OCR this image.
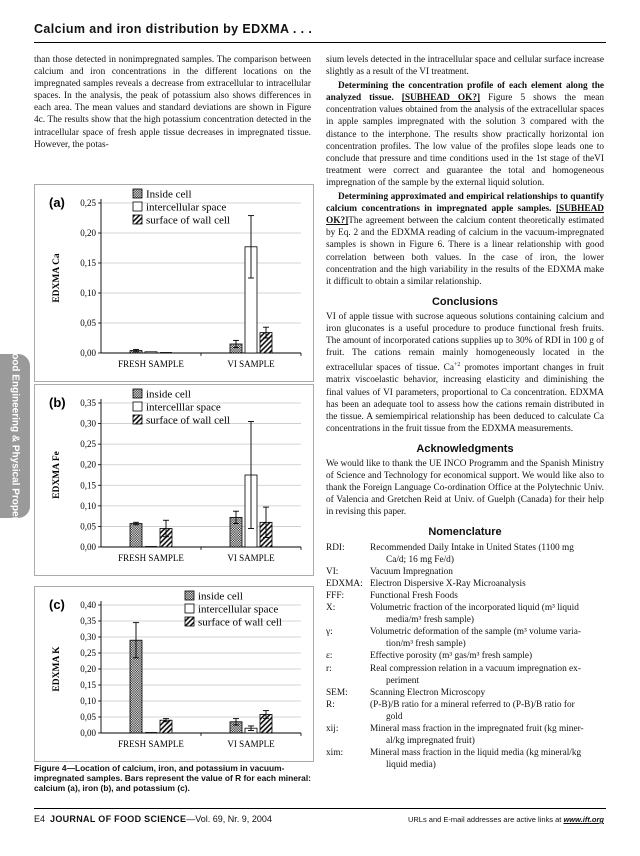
Calcium and iron distribution by EDXMA . . .
E: Food Engineering & Physical Properties

than those detected in nonimpregnated samples. The comparison between calcium and iron concentrations in the different locations on the impregnated samples reveals a decrease from extracellular to intracellular spaces. In the analysis, the peak of potassium also shows differences in each area. The mean values and standard deviations are shown in Figure 4c. The results show that the high potassium concentration detected in the intracellular space of fresh apple tissue decreases in impregnated tissue. However, the potas-

(a)
0,00
0,05
0,10
0,15
0,20
0,25
EDXMA Ca
FRESH SAMPLE	VI SAMPLE
Inside cell
intercellular space
surface of wall cell
(b)
0,00
0,05
0,10
0,15
0,20
0,25
0,30
0,35
EDXMA Fe
FRESH SAMPLE	VI SAMPLE
inside cell
intercelllar space
surface of wall cell
(c)
0,00
0,05
0,10
0,15
0,20
0,25
0,30
0,35
0,40
EDXMA K
FRESH SAMPLE	VI SAMPLE
inside cell
intercellular space
surface of wall cell
Figure 4—Location of calcium, iron, and potassium in vacuum-impregnated samples. Bars represent the value of R for each mineral: calcium (a), iron (b), and potassium (c).

sium levels detected in the intracellular space and cellular surface increase slightly as a result of the VI treatment.

Determining the concentration profile of each element along the analyzed tissue. [SUBHEAD OK?] Figure 5 shows the mean concentration values obtained from the analysis of the extracellular spaces in apple samples impregnated with the solution 3 compared with the distance to the interphone. The results show practically horizontal ion concentration profiles. The low value of the profiles slope leads one to conclude that pressure and time conditions used in the 1st stage of theVI treatment were correct and guarantee the total and homogeneous impregnation of the sample by the external liquid solution.

Determining approximated and empirical relationships to quantify calcium concentrations in impregnated apple samples. [SUBHEAD OK?]The agreement between the calcium content theoretically estimated by Eq. 2 and the EDXMA reading of calcium in the vacuum-impregnated samples is shown in Figure 6. There is a linear relationship with good correlation between both values. In the case of iron, the lower concentration and the high variability in the results of the EDXMA make it difficult to obtain a similar relationship.

Conclusions

VI of apple tissue with sucrose aqueous solutions containing calcium and iron gluconates is a useful procedure to produce functional fresh fruits. The amount of incorporated cations supplies up to 30% of RDI in 100 g of fruit. The cations remain mainly homogeneously located in the extracellular spaces of tissue. $Ca^{+2}$ promotes important changes in fruit matrix viscoelastic behavior, increasing elasticity and diminishing the final values of VI parameters, proportional to Ca concentration. EDXMA has been an adequate tool to assess how the cations remain distributed in the tissue. A semiempirical relationship has been deduced to calculate Ca concentrations in the fruit tissue from the EDXMA measurements.

Acknowledgments

We would like to thank the UE INCO Programm and the Spanish Ministry of Science and Technology for economical support. We would like also to thank the Foreign Language Co-ordination Office at the Polytechnic Univ. of Valencia and Gretchen Reid at Univ. of Guelph (Canada) for their help in revising this paper.

Nomenclature
RDI:	Recommended Daily Intake in United States (1100 mg
Ca/d; 16 mg Fe/d)
VI:	Vacuum Impregnation
EDXMA: Electron Dispersive X-Ray Microanalysis
FFF:	Functional Fresh Foods
X:	Volumetric fraction of the incorporated liquid (m³ liquid
media/m³ fresh sample)
γ:	Volumetric deformation of the sample (m³ volume varia-
tion/m³ fresh sample)
ε:	Effective porosity (m³ gas/m³ fresh sample)
r:	Real compression relation in a vacuum impregnation ex-
periment
SEM:	Scanning Electron Microscopy
R:	(P-B)/B ratio for a mineral referred to (P-B)/B ratio for
gold
xij:	Mineral mass fraction in the impregnated fruit (kg miner-
al/kg impregnated fruit)
xim:	Mineral mass fraction in the liquid media (kg mineral/kg
liquid media)
E4 JOURNAL OF FOOD SCIENCE—Vol. 69, Nr. 9, 2004	URLs and E-mail addresses are active links at www.ift.org
